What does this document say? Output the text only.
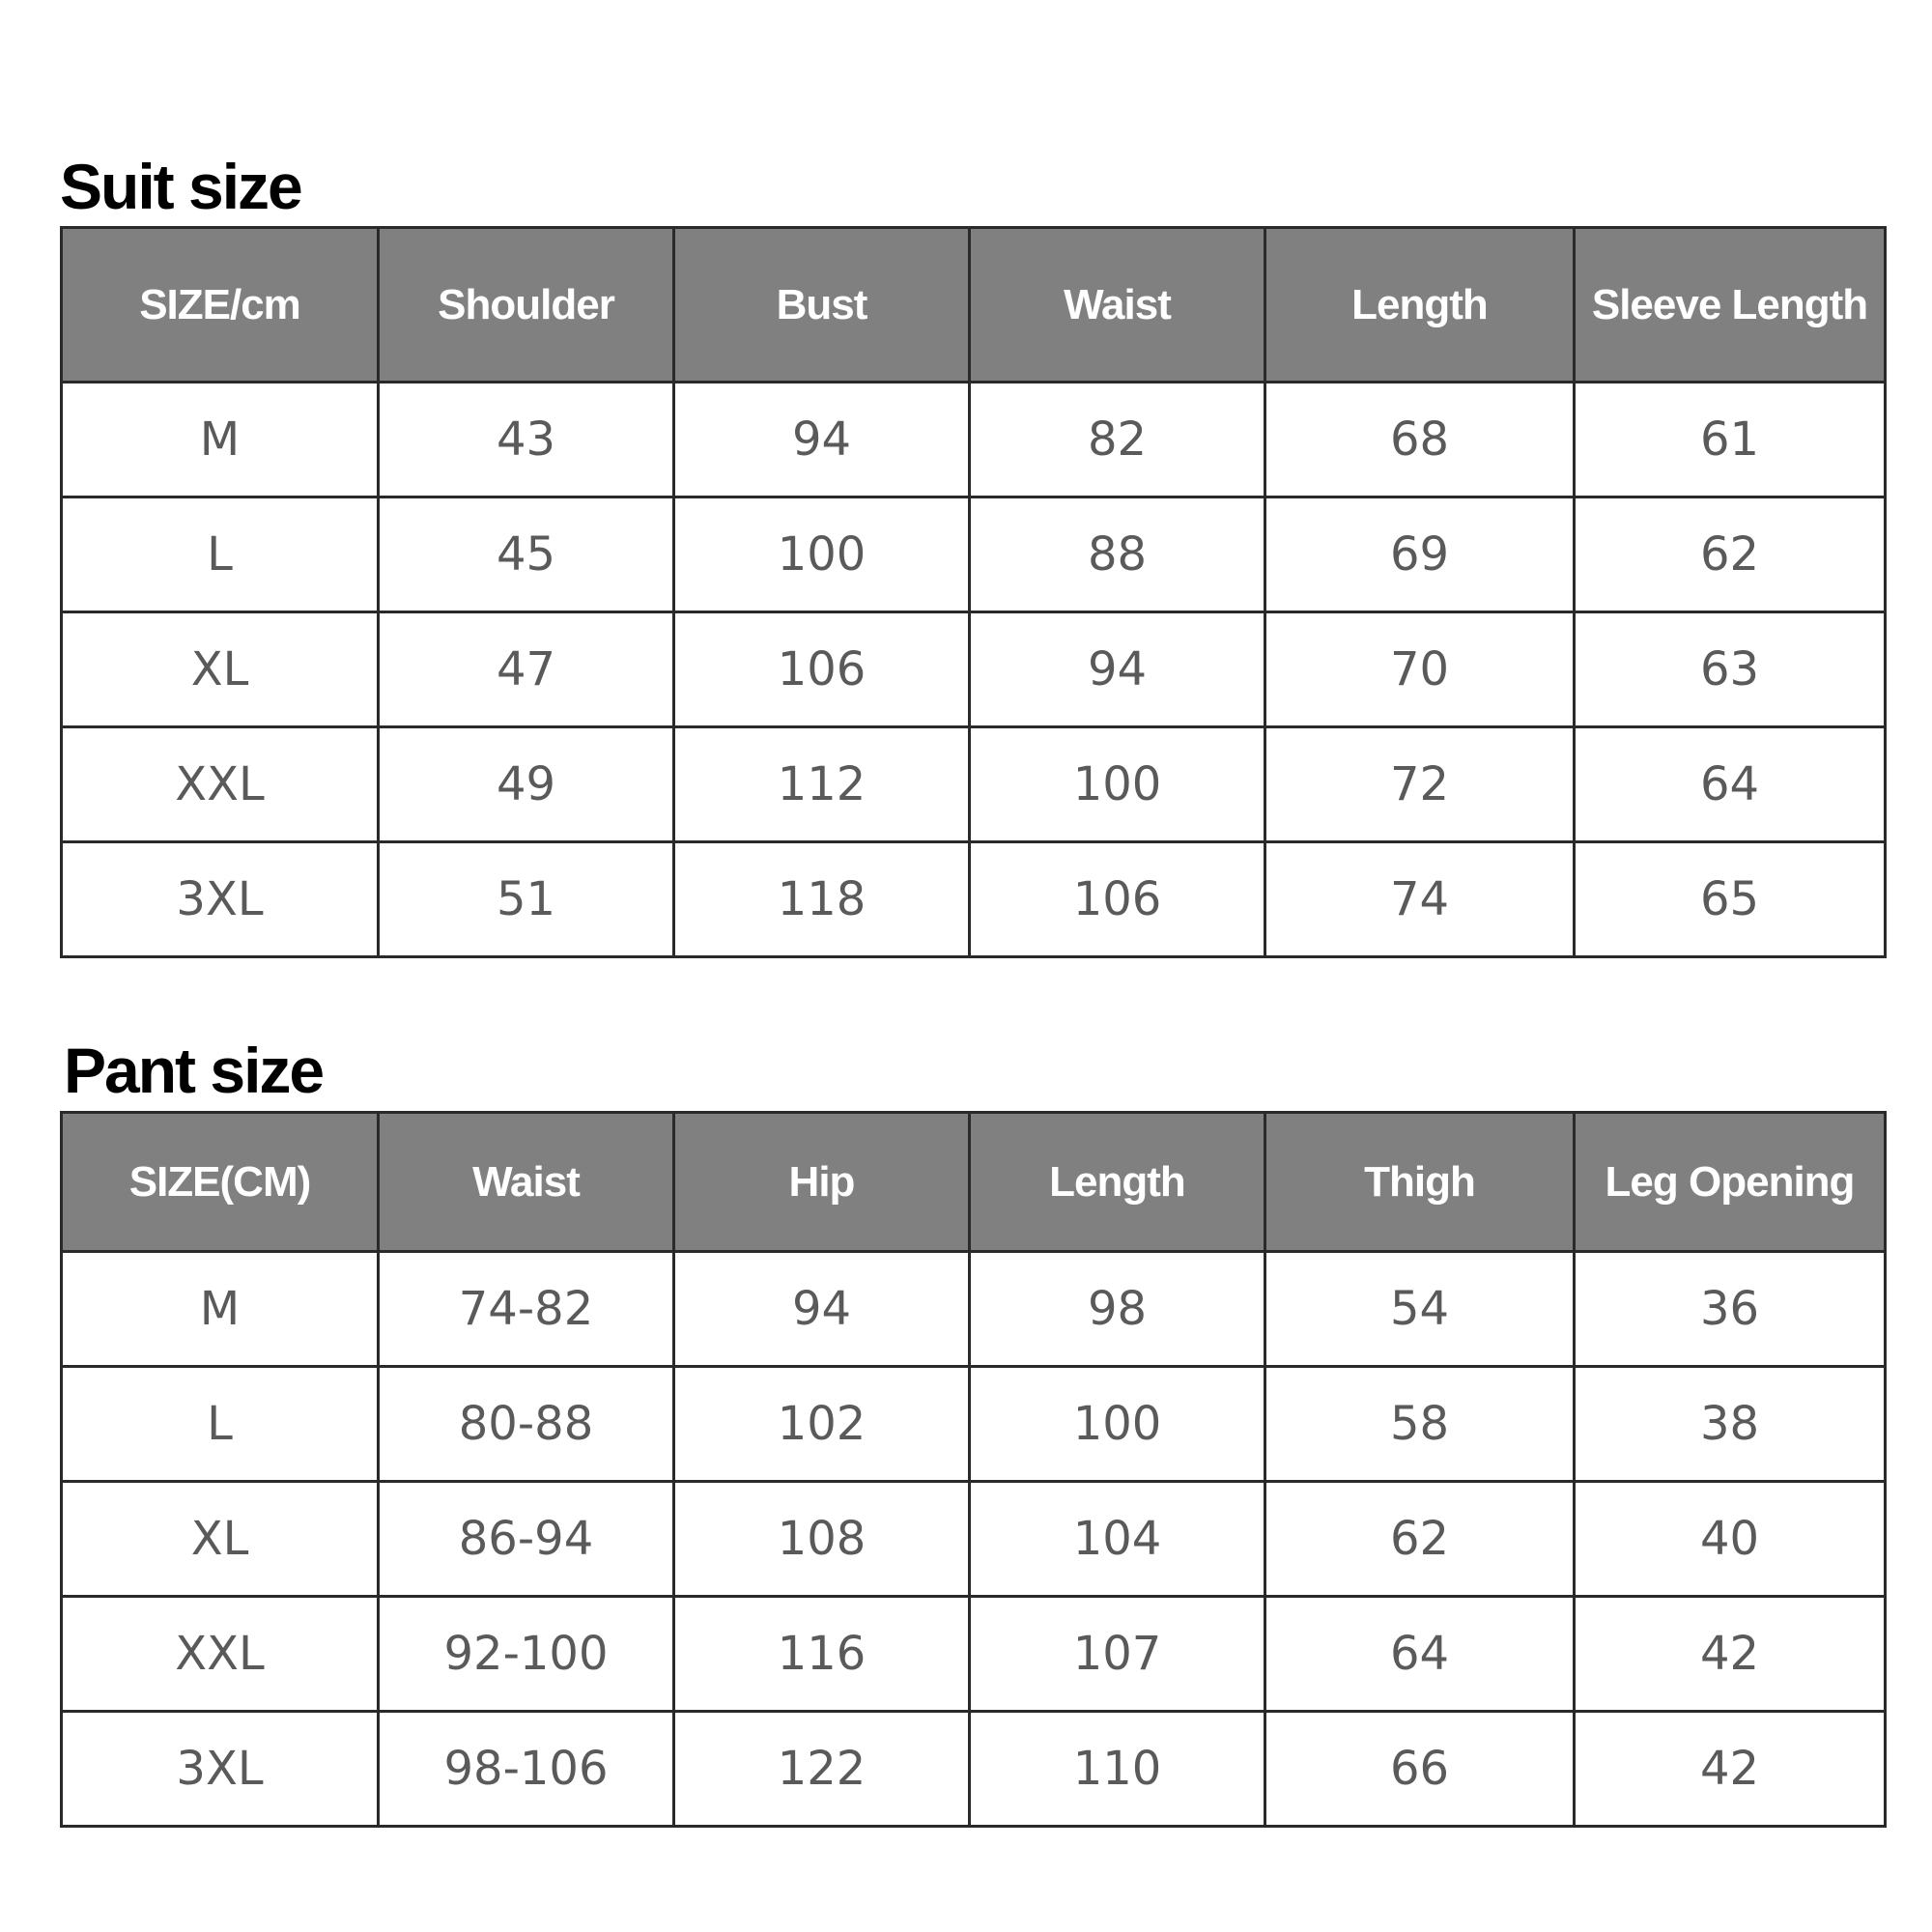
Suit size
SIZE/cm	Shoulder	Bust	Waist	Length	Sleeve Length
M	43	94	82	68	61
L	45	100	88	69	62
XL	47	106	94	70	63
XXL	49	112	100	72	64
3XL	51	118	106	74	65
Pant size
SIZE(CM)	Waist	Hip	Length	Thigh	Leg Opening
M	74-82	94	98	54	36
L	80-88	102	100	58	38
XL	86-94	108	104	62	40
XXL	92-100	116	107	64	42
3XL	98-106	122	110	66	42
